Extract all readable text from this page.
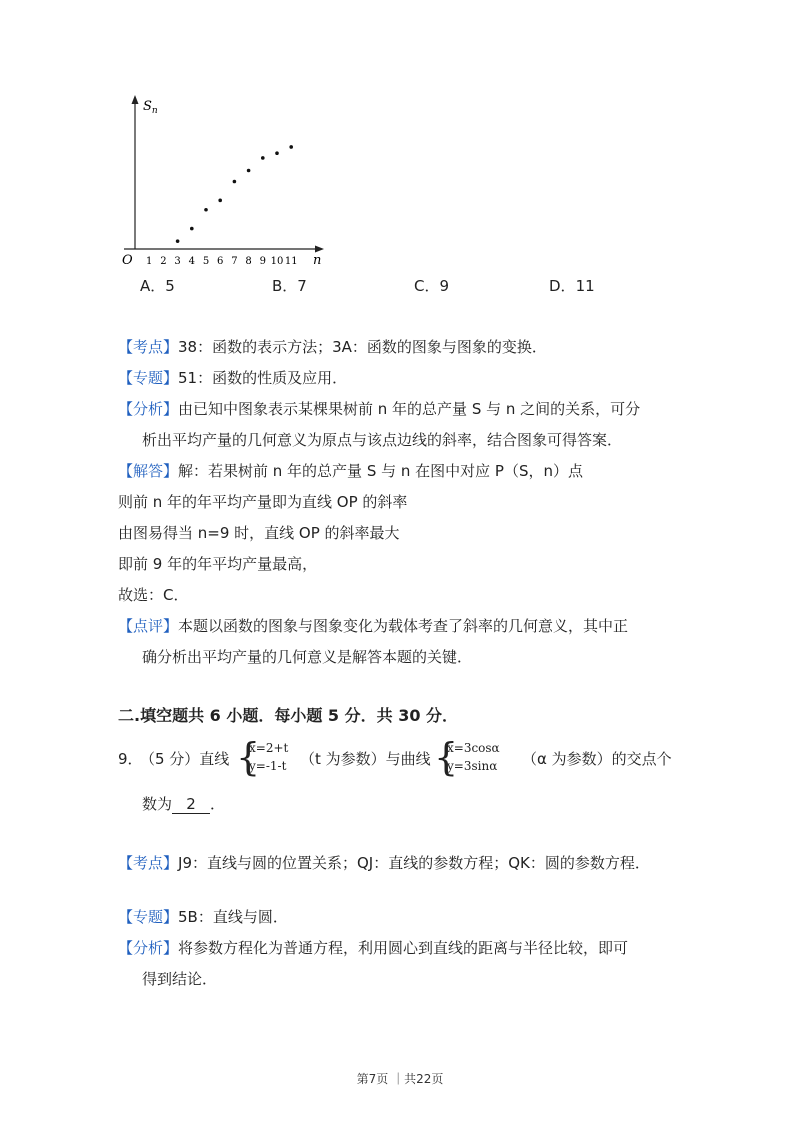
$S_n$
n
O 1 2 3 4 5 6 7 8 9 10 11
A．5	B．7	C．9	D．11
【考点】38：函数的表示方法；3A：函数的图象与图象的变换．
【专题】51：函数的性质及应用．
【分析】由已知中图象表示某棵果树前 n 年的总产量 S 与 n 之间的关系，可分
析出平均产量的几何意义为原点与该点边线的斜率，结合图象可得答案．
【解答】解：若果树前 n 年的总产量 S 与 n 在图中对应 P（S，n）点
则前 n 年的年平均产量即为直线 OP 的斜率
由图易得当 n=9 时，直线 OP 的斜率最大
即前 9 年的年平均产量最高，
故选：C．
【点评】本题以函数的图象与图象变化为载体考查了斜率的几何意义，其中正
确分析出平均产量的几何意义是解答本题的关键．
二.填空题共 6 小题．每小题 5 分．共 30 分．
9．
（5 分）直线 {
x=2+t
y=-1-t （t 为参数）与曲线 {
x=3cosα
y=3sinα （α 为参数）的交点个
数为 2 ．
【考点】J9：直线与圆的位置关系；QJ：直线的参数方程；QK：圆的参数方程．
【专题】5B：直线与圆．
【分析】将参数方程化为普通方程，利用圆心到直线的距离与半径比较，即可
得到结论．
第7页 ｜共22页
